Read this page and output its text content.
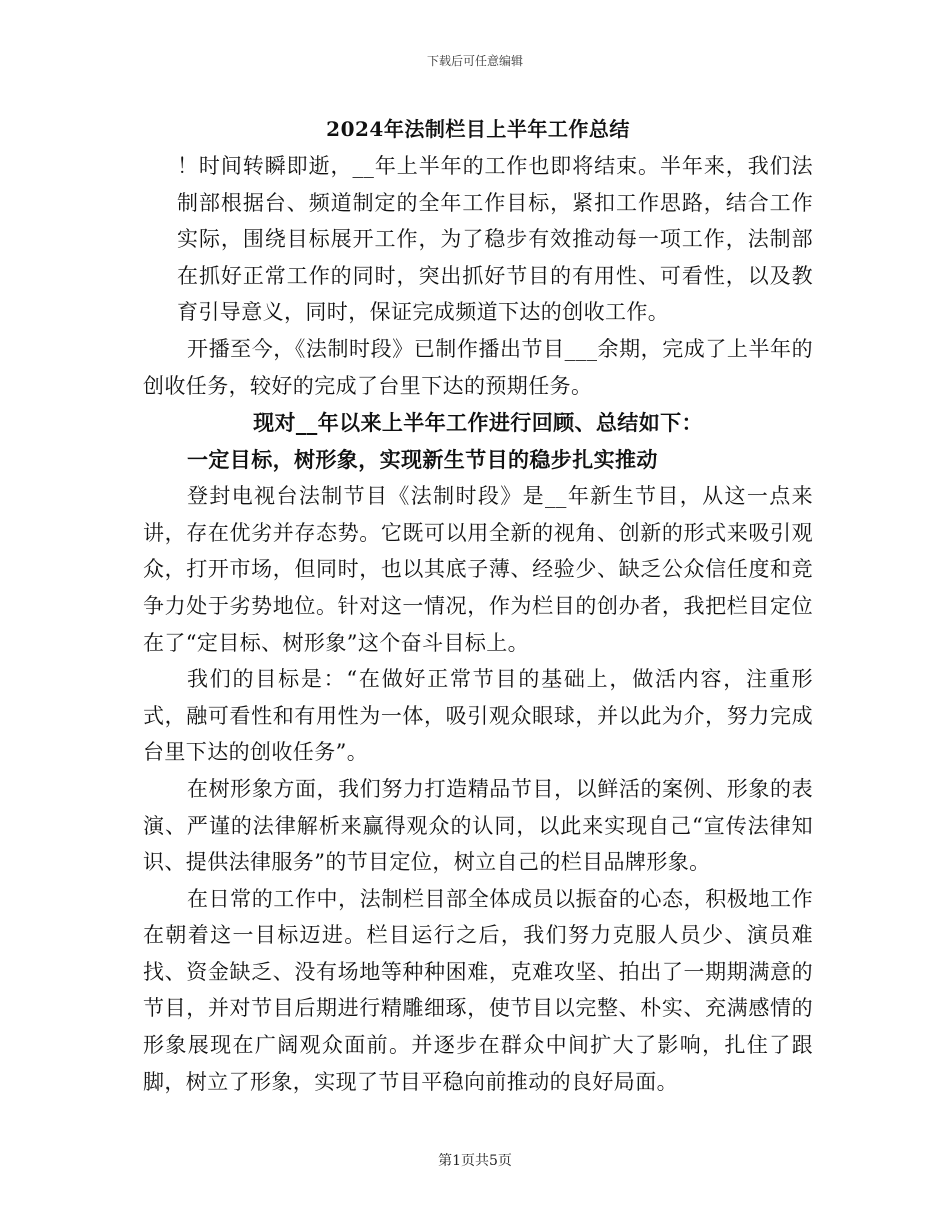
下载后可任意编辑
2024年法制栏目上半年工作总结

！时间转瞬即逝，__年上半年的工作也即将结束。半年来，我们法制部根据台、频道制定的全年工作目标，紧扣工作思路，结合工作实际，围绕目标展开工作，为了稳步有效推动每一项工作，法制部在抓好正常工作的同时，突出抓好节目的有用性、可看性，以及教育引导意义，同时，保证完成频道下达的创收工作。

开播至今，《法制时段》已制作播出节目___余期，完成了上半年的创收任务，较好的完成了台里下达的预期任务。

现对__年以来上半年工作进行回顾、总结如下：

一定目标，树形象，实现新生节目的稳步扎实推动

登封电视台法制节目《法制时段》是__年新生节目，从这一点来讲，存在优劣并存态势。它既可以用全新的视角、创新的形式来吸引观众，打开市场，但同时，也以其底子薄、经验少、缺乏公众信任度和竞争力处于劣势地位。针对这一情况，作为栏目的创办者，我把栏目定位在了“定目标、树形象”这个奋斗目标上。

我们的目标是：“在做好正常节目的基础上，做活内容，注重形式，融可看性和有用性为一体，吸引观众眼球，并以此为介，努力完成台里下达的创收任务”。

在树形象方面，我们努力打造精品节目，以鲜活的案例、形象的表演、严谨的法律解析来赢得观众的认同，以此来实现自己“宣传法律知识、提供法律服务”的节目定位，树立自己的栏目品牌形象。

在日常的工作中，法制栏目部全体成员以振奋的心态，积极地工作在朝着这一目标迈进。栏目运行之后，我们努力克服人员少、演员难找、资金缺乏、没有场地等种种困难，克难攻坚、拍出了一期期满意的节目，并对节目后期进行精雕细琢，使节目以完整、朴实、充满感情的形象展现在广阔观众面前。并逐步在群众中间扩大了影响，扎住了跟脚，树立了形象，实现了节目平稳向前推动的良好局面。

第1页共5页
